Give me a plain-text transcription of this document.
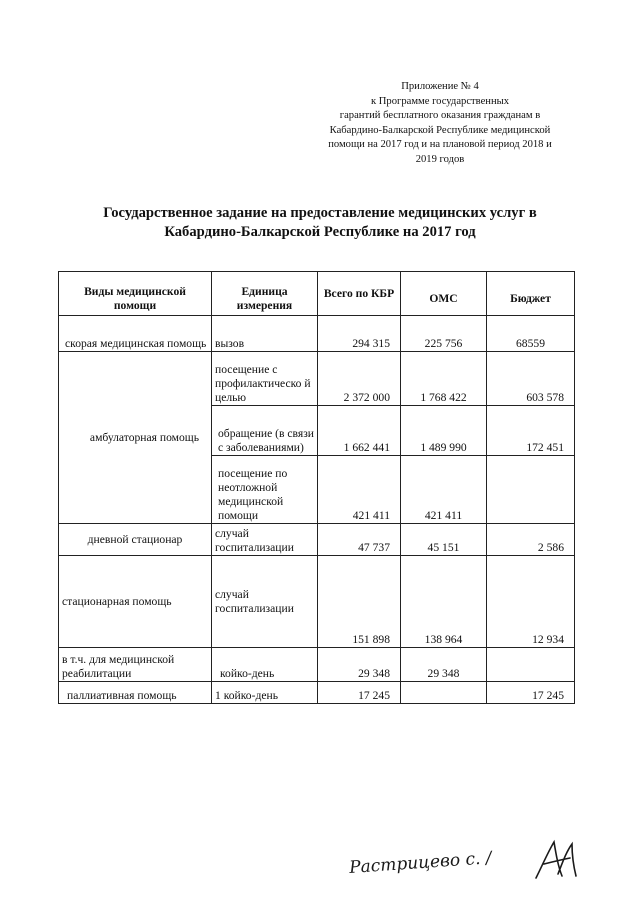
Приложение № 4
к Программе государственных
гарантий бесплатного оказания гражданам в
Кабардино-Балкарской Республике медицинской
помощи на 2017 год и на плановой период 2018 и
2019 годов
Государственное задание на предоставление медицинских услуг в
Кабардино-Балкарской Республике на 2017 год
Виды медицинской помощи	Единица измерения	Всего по КБР	ОМС	Бюджет
скорая медицинская помощь	вызов	294 315	225 756	68559
амбулаторная помощь	посещение с профилактическо й целью	2 372 000	1 768 422	603 578
	обращение (в связи с заболеваниями)	1 662 441	1 489 990	172 451
	посещение по неотложной медицинской помощи	421 411	421 411	
дневной стационар	случай госпитализации	47 737	45 151	2 586
стационарная помощь	случай госпитализации	151 898	138 964	12 934
в т.ч. для медицинской реабилитации	койко-день	29 348	29 348	
паллиативная помощь	1 койко-день	17 245		17 245
Растрицево с. /
